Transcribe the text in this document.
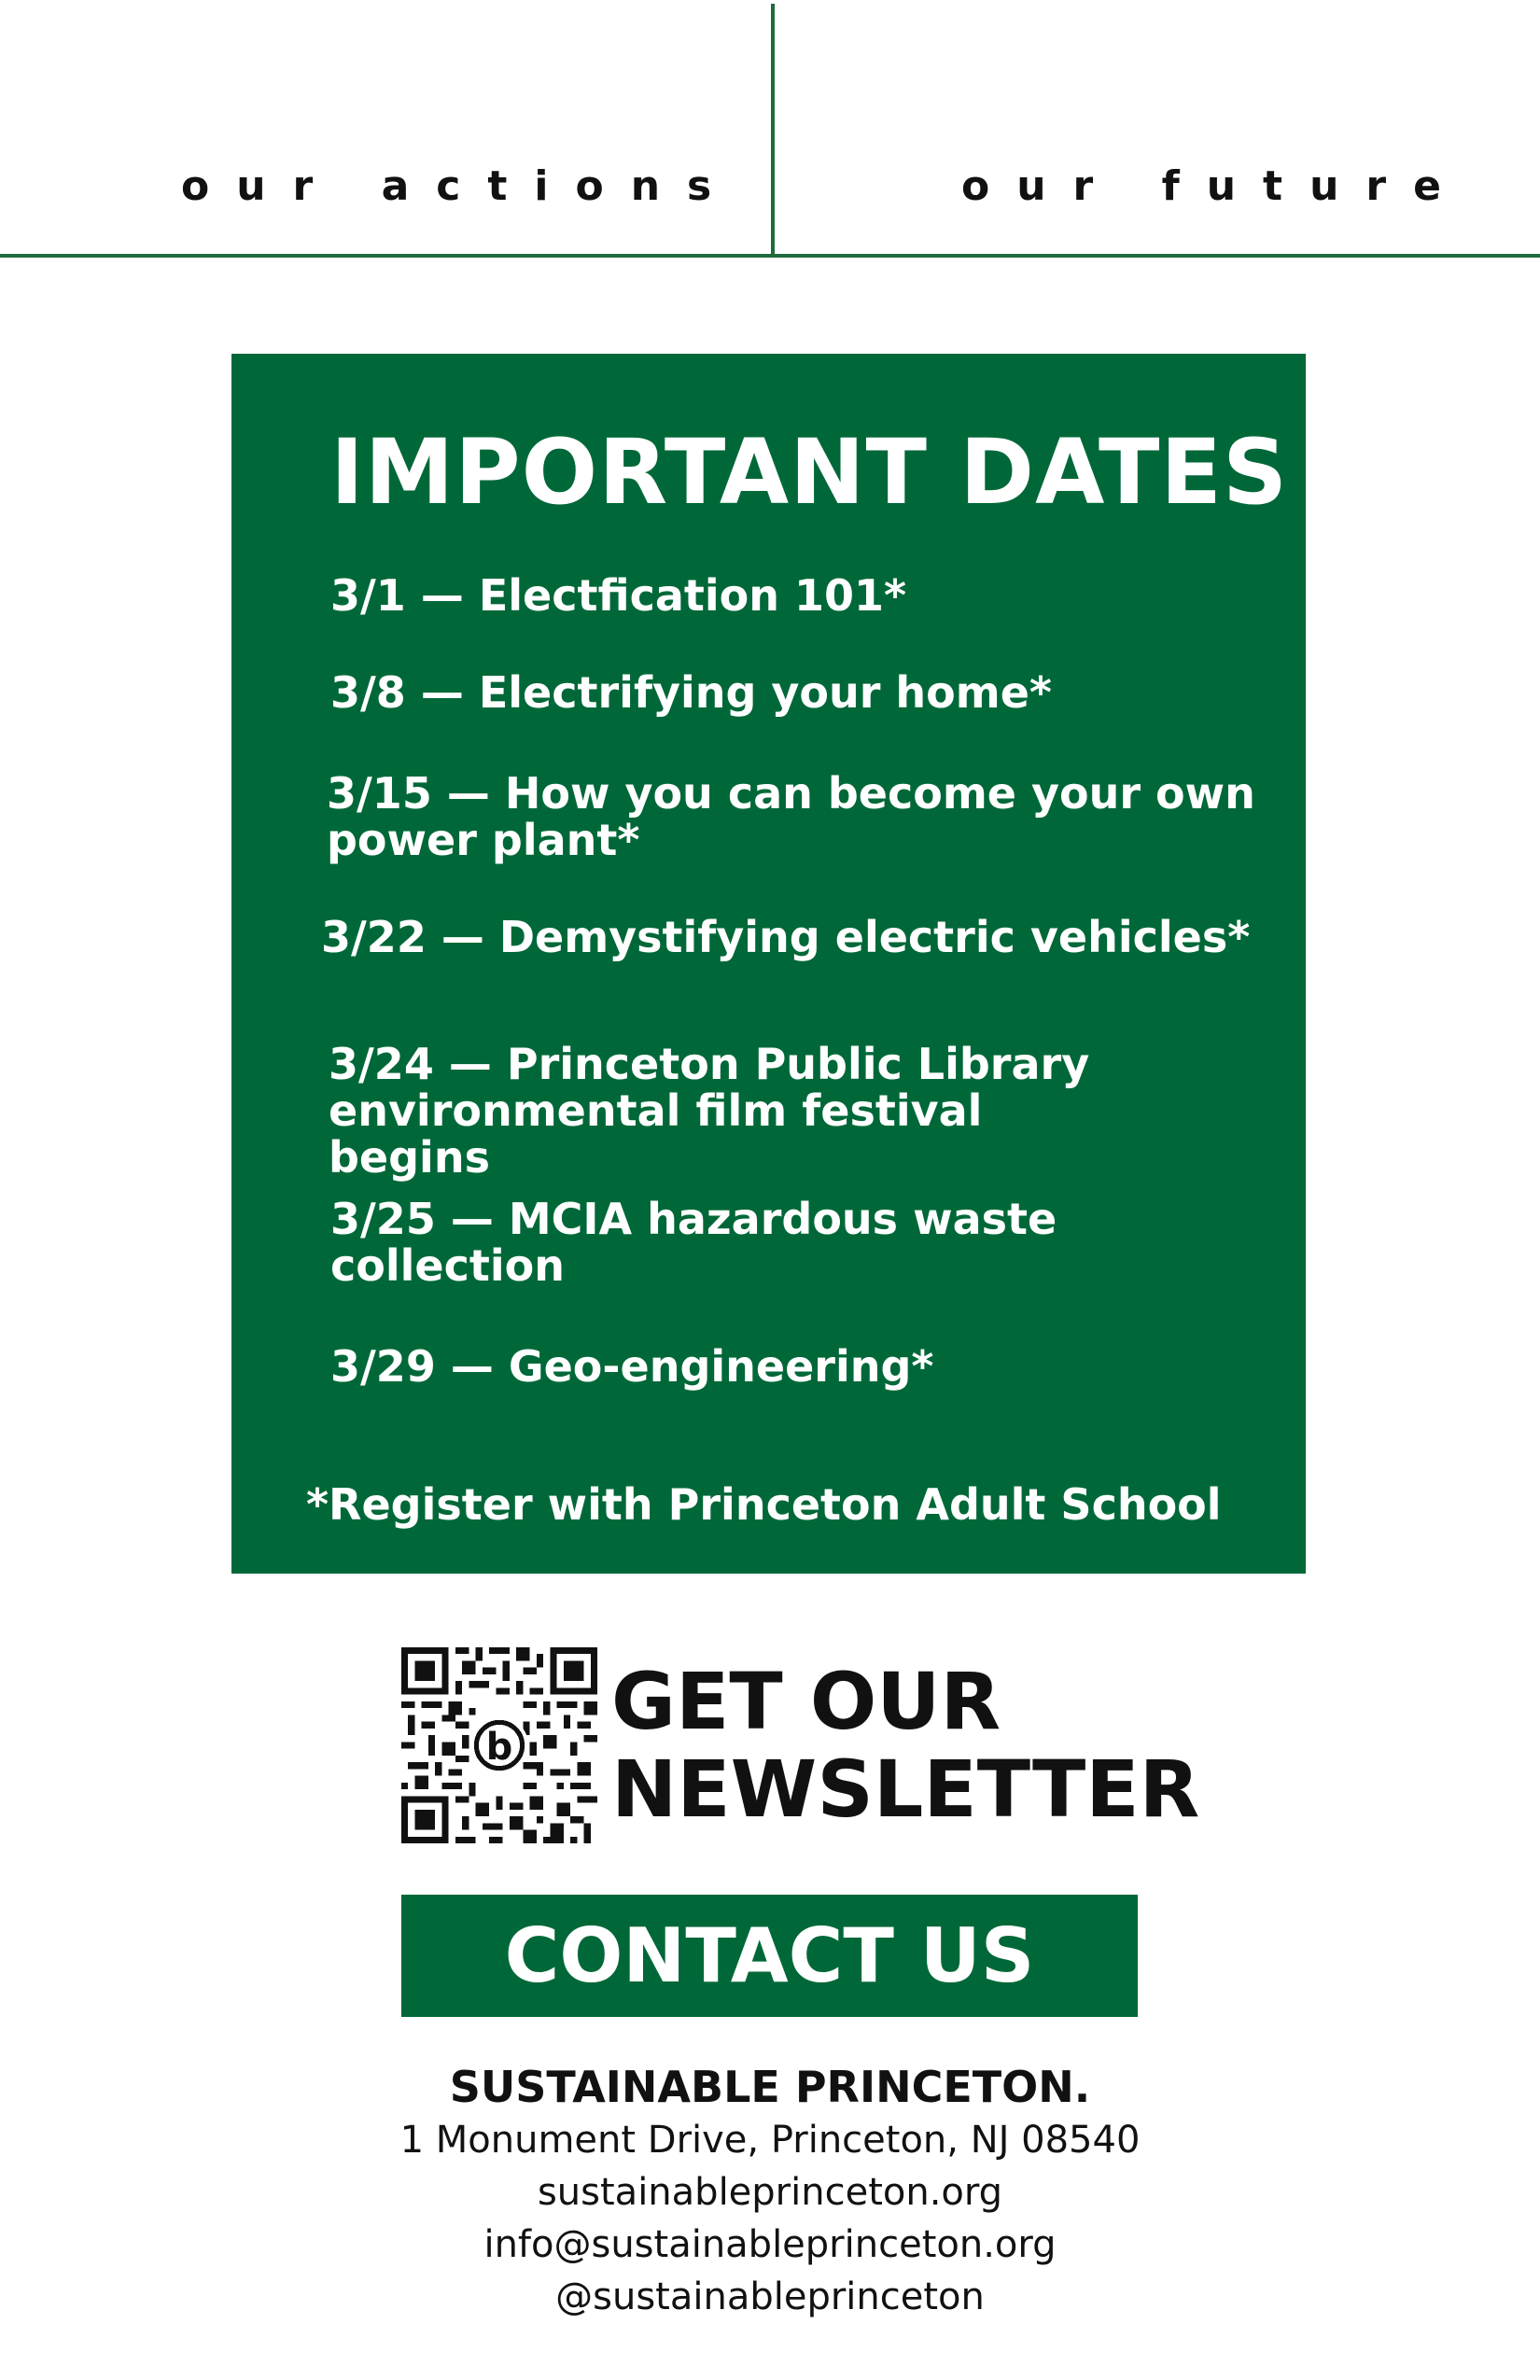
our actions	our future
IMPORTANT DATES
3/1 — Electfication 101*
3/8 — Electrifying your home*
3/15 — How you can become your own power plant*
3/22 — Demystifying electric vehicles*
3/24 — Princeton Public Library environmental film festival begins
3/25 — MCIA hazardous waste collection
3/29 — Geo-engineering*
*Register with Princeton Adult School
b
GET OUR
NEWSLETTER
CONTACT US
SUSTAINABLE PRINCETON.
1 Monument Drive, Princeton, NJ 08540
sustainableprinceton.org
info@sustainableprinceton.org
@sustainableprinceton
